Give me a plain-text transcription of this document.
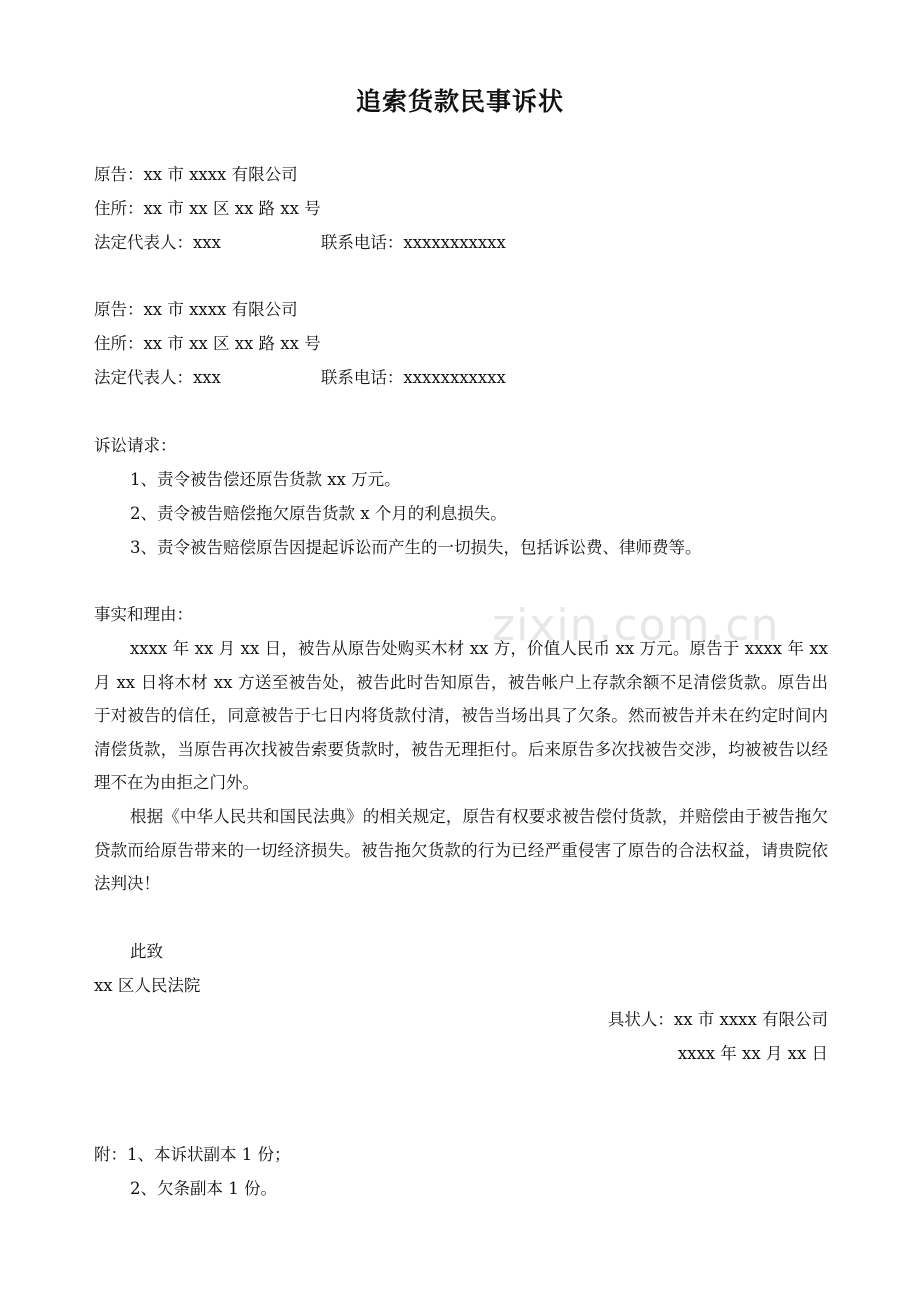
追索货款民事诉状
原告：xx 市 xxxx 有限公司
住所：xx 市 xx 区 xx 路 xx 号
法定代表人：xxx	联系电话：xxxxxxxxxxx
原告：xx 市 xxxx 有限公司
住所：xx 市 xx 区 xx 路 xx 号
法定代表人：xxx	联系电话：xxxxxxxxxxx
诉讼请求：
1、责令被告偿还原告货款 xx 万元。
2、责令被告赔偿拖欠原告货款 x 个月的利息损失。
3、责令被告赔偿原告因提起诉讼而产生的一切损失，包括诉讼费、律师费等。
事实和理由：
xxxx 年 xx 月 xx 日，被告从原告处购买木材 xx 方，价值人民币 xx 万元。原告于 xxxx 年 xx 月 xx 日将木材 xx 方送至被告处，被告此时告知原告，被告帐户上存款余额不足清偿货款。原告出于对被告的信任，同意被告于七日内将货款付清，被告当场出具了欠条。然而被告并未在约定时间内清偿货款，当原告再次找被告索要货款时，被告无理拒付。后来原告多次找被告交涉，均被被告以经理不在为由拒之门外。
根据《中华人民共和国民法典》的相关规定，原告有权要求被告偿付货款，并赔偿由于被告拖欠贷款而给原告带来的一切经济损失。被告拖欠货款的行为已经严重侵害了原告的合法权益，请贵院依法判决！
zixin.com.cn
此致
xx 区人民法院
具状人：xx 市 xxxx 有限公司
xxxx 年 xx 月 xx 日
附：1、本诉状副本 1 份；
2、欠条副本 1 份。
